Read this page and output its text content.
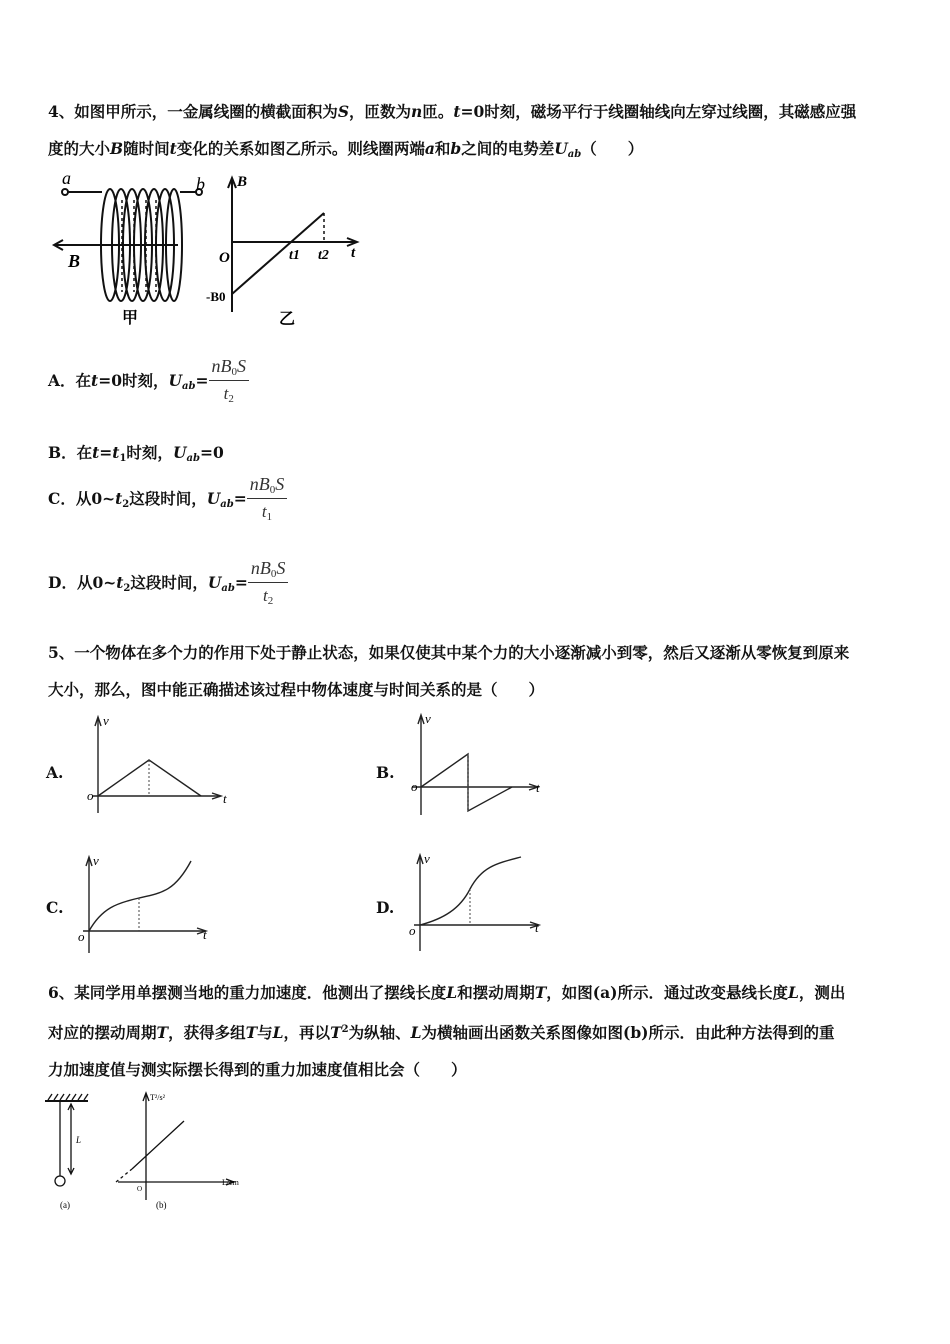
4、如图甲所示，一金属线圈的横截面积为S，匝数为n匝。t=0时刻，磁场平行于线圈轴线向左穿过线圈，其磁感应强
度的大小B随时间t变化的关系如图乙所示。则线圈两端a和b之间的电势差$U_{ab}$（　　）
a	b
B
甲
B
O	t1 t2 t
-B0
乙
A．在t=0时刻，$U_{ab}= \frac{nB_0S}{t_2}$
B．在$t=t_1$时刻，$U_{ab}=0$
C．从$0\sim t_2$这段时间，$U_{ab}= \frac{nB_0S}{t_1}$
D．从$0\sim t_2$这段时间，$U_{ab}= \frac{nB_0S}{t_2}$
5、一个物体在多个力的作用下处于静止状态，如果仅使其中某个力的大小逐渐减小到零，然后又逐渐从零恢复到原来
大小，那么，图中能正确描述该过程中物体速度与时间关系的是（　　）
A.
v
o	t
B.
v
o	t
C.
v
o	t
D.
v
o	t
6、某同学用单摆测当地的重力加速度．他测出了摆线长度L和摆动周期T，如图(a)所示．通过改变悬线长度L，测出
对应的摆动周期T，获得多组T与L，再以$T^2$为纵轴、L为横轴画出函数关系图像如图(b)所示．由此种方法得到的重
力加速度值与测实际摆长得到的重力加速度值相比会（　　）
L
(a)
T²/s²
L/cm
O
(b)
